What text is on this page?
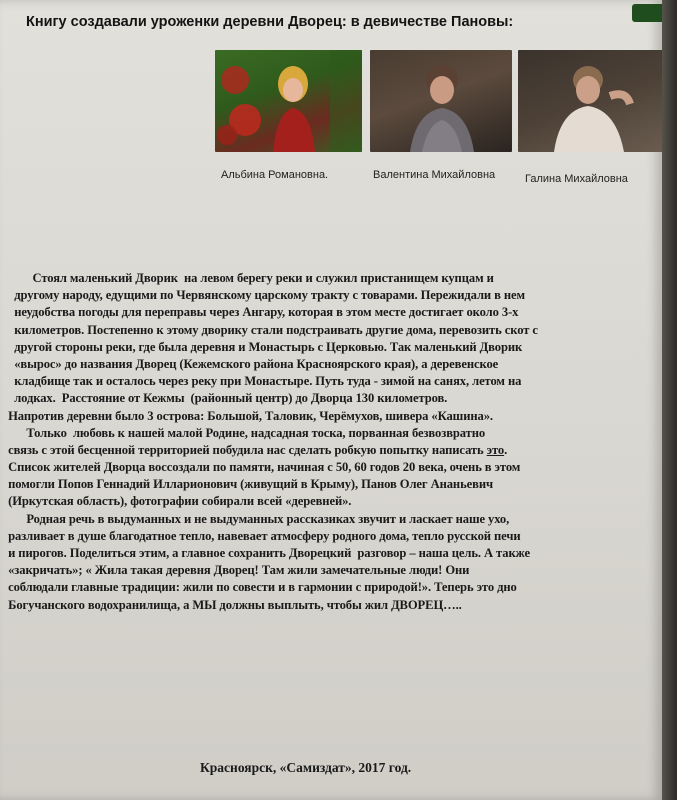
Книгу создавали уроженки деревни Дворец: в девичестве Пановы:
Альбина Романовна.	Валентина Михайловна	Галина Михайловна
Стоял маленький Дворик  на левом берегу реки и служил пристанищем купцам и
другому народу, едущими по Червянскому царскому тракту с товарами. Пережидали в нем
неудобства погоды для переправы через Ангару, которая в этом месте достигает около 3-х
километров. Постепенно к этому дворику стали подстраивать другие дома, перевозить скот с
другой стороны реки, где была деревня и Монастырь с Церковью. Так маленький Дворик
«вырос» до названия Дворец (Кежемского района Красноярского края), а деревенское
кладбище так и осталось через реку при Монастыре. Путь туда - зимой на санях, летом на
лодках.  Расстояние от Кежмы  (районный центр) до Дворца 130 километров.
Напротив деревни было 3 острова: Большой, Таловик, Черёмухов, шивера «Кашина».
Только  любовь к нашей малой Родине, надсадная тоска, порванная безвозвратно
связь с этой бесценной территорией побудила нас сделать робкую попытку написать это.
Список жителей Дворца воссоздали по памяти, начиная с 50, 60 годов 20 века, очень в этом
помогли Попов Геннадий Илларионович (живущий в Крыму), Панов Олег Ананьевич
(Иркутская область), фотографии собирали всей «деревней».
Родная речь в выдуманных и не выдуманных рассказиках звучит и ласкает наше ухо,
разливает в душе благодатное тепло, навевает атмосферу родного дома, тепло русской печи
и пирогов. Поделиться этим, а главное сохранить Дворецкий  разговор – наша цель. А также
«закричать»; « Жила такая деревня Дворец! Там жили замечательные люди! Они
соблюдали главные традиции: жили по совести и в гармонии с природой!». Теперь это дно
Богучанского водохранилища, а МЫ должны выплыть, чтобы жил ДВОРЕЦ…..
Красноярск, «Самиздат», 2017 год.
